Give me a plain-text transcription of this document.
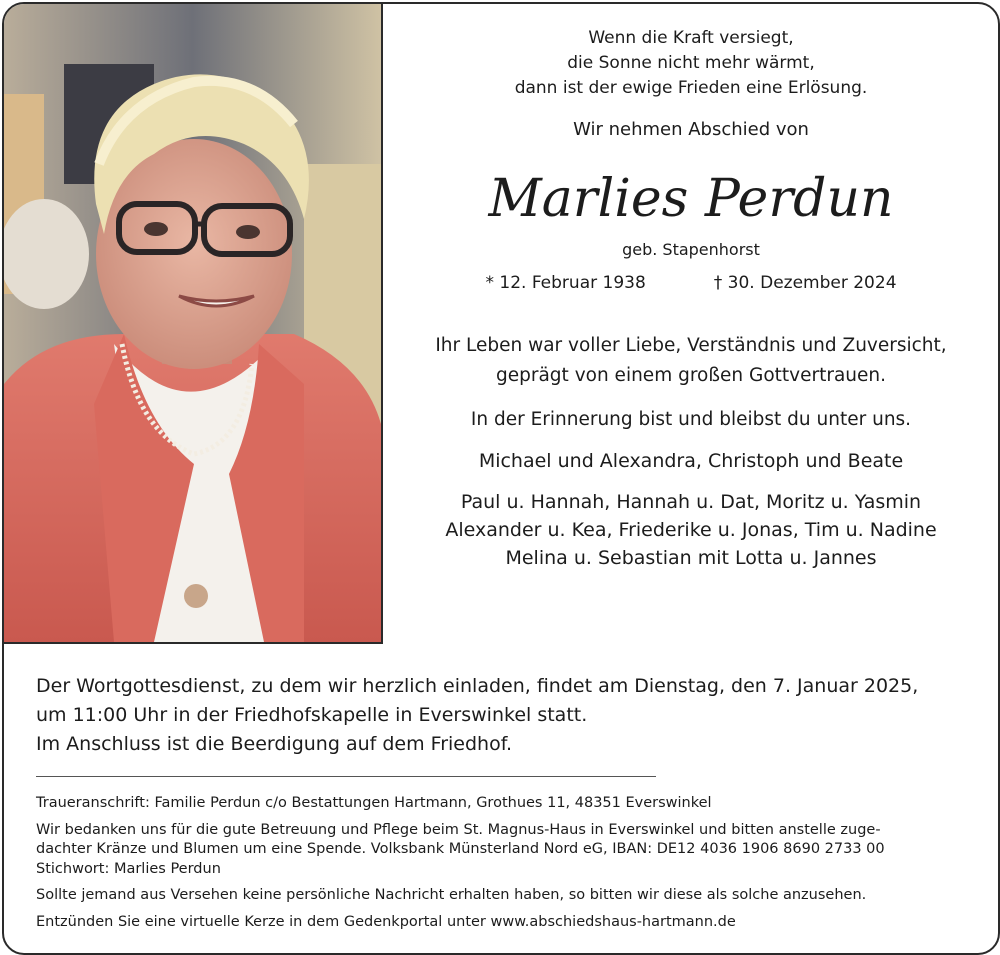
Wenn die Kraft versiegt,
die Sonne nicht mehr wärmt,
dann ist der ewige Frieden eine Erlösung.
Wir nehmen Abschied von
Marlies Perdun
geb. Stapenhorst
* 12. Februar 1938	† 30. Dezember 2024
Ihr Leben war voller Liebe, Verständnis und Zuversicht,
geprägt von einem großen Gottvertrauen.
In der Erinnerung bist und bleibst du unter uns.
Michael und Alexandra, Christoph und Beate
Paul u. Hannah, Hannah u. Dat, Moritz u. Yasmin
Alexander u. Kea, Friederike u. Jonas, Tim u. Nadine
Melina u. Sebastian mit Lotta u. Jannes
Der Wortgottesdienst, zu dem wir herzlich einladen, findet am Dienstag, den 7. Januar 2025,
um 11:00 Uhr in der Friedhofskapelle in Everswinkel statt.
Im Anschluss ist die Beerdigung auf dem Friedhof.
Traueranschrift: Familie Perdun c/o Bestattungen Hartmann, Grothues 11, 48351 Everswinkel
Wir bedanken uns für die gute Betreuung und Pflege beim St. Magnus-Haus in Everswinkel und bitten anstelle zuge-
dachter Kränze und Blumen um eine Spende. Volksbank Münsterland Nord eG, IBAN: DE12 4036 1906 8690 2733 00
Stichwort: Marlies Perdun
Sollte jemand aus Versehen keine persönliche Nachricht erhalten haben, so bitten wir diese als solche anzusehen.
Entzünden Sie eine virtuelle Kerze in dem Gedenkportal unter www.abschiedshaus-hartmann.de
